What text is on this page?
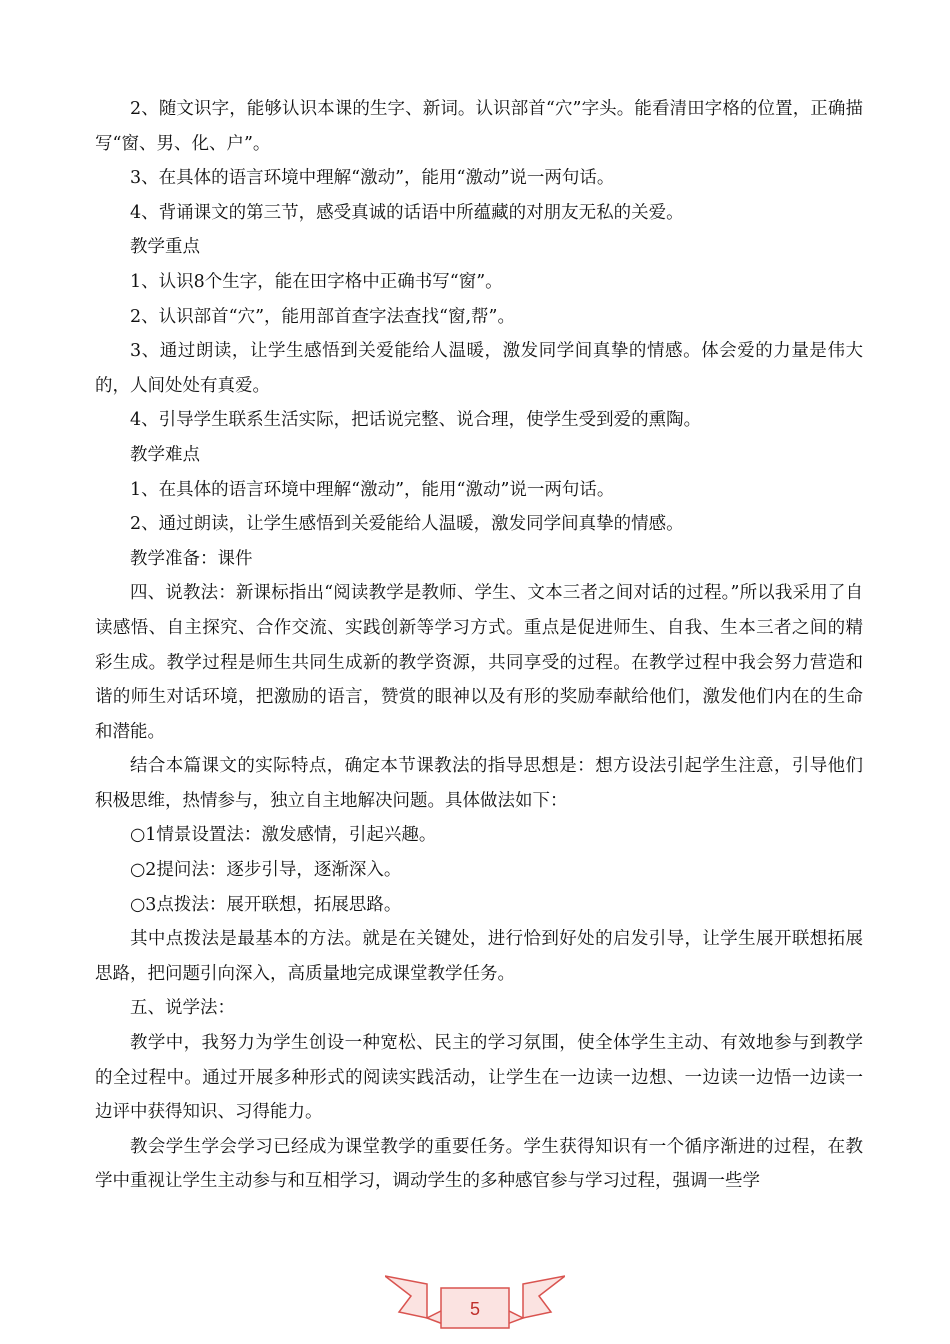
2、随文识字，能够认识本课的生字、新词。认识部首“穴”字头。能看清田字格的位置，正确描写“窗、男、化、户”。

3、在具体的语言环境中理解“激动”，能用“激动”说一两句话。

4、背诵课文的第三节，感受真诚的话语中所蕴藏的对朋友无私的关爱。

教学重点

1、认识8个生字，能在田字格中正确书写“窗”。

2、认识部首“穴”，能用部首查字法查找“窗,帮”。

3、通过朗读，让学生感悟到关爱能给人温暖，激发同学间真挚的情感。体会爱的力量是伟大的，人间处处有真爱。

4、引导学生联系生活实际，把话说完整、说合理，使学生受到爱的熏陶。

教学难点

1、在具体的语言环境中理解“激动”，能用“激动”说一两句话。

2、通过朗读，让学生感悟到关爱能给人温暖，激发同学间真挚的情感。

教学准备：课件

四、说教法：新课标指出“阅读教学是教师、学生、文本三者之间对话的过程。”所以我采用了自读感悟、自主探究、合作交流、实践创新等学习方式。重点是促进师生、自我、生本三者之间的精彩生成。教学过程是师生共同生成新的教学资源，共同享受的过程。在教学过程中我会努力营造和谐的师生对话环境，把激励的语言，赞赏的眼神以及有形的奖励奉献给他们，激发他们内在的生命和潜能。

结合本篇课文的实际特点，确定本节课教法的指导思想是：想方设法引起学生注意，引导他们积极思维，热情参与，独立自主地解决问题。具体做法如下：

○1情景设置法：激发感情，引起兴趣。

○2提问法：逐步引导，逐渐深入。

○3点拨法：展开联想，拓展思路。

其中点拨法是最基本的方法。就是在关键处，进行恰到好处的启发引导，让学生展开联想拓展思路，把问题引向深入，高质量地完成课堂教学任务。

五、说学法：

教学中，我努力为学生创设一种宽松、民主的学习氛围，使全体学生主动、有效地参与到教学的全过程中。通过开展多种形式的阅读实践活动，让学生在一边读一边想、一边读一边悟一边读一边评中获得知识、习得能力。

教会学生学会学习已经成为课堂教学的重要任务。学生获得知识有一个循序渐进的过程，在教学中重视让学生主动参与和互相学习，调动学生的多种感官参与学习过程，强调一些学

5
